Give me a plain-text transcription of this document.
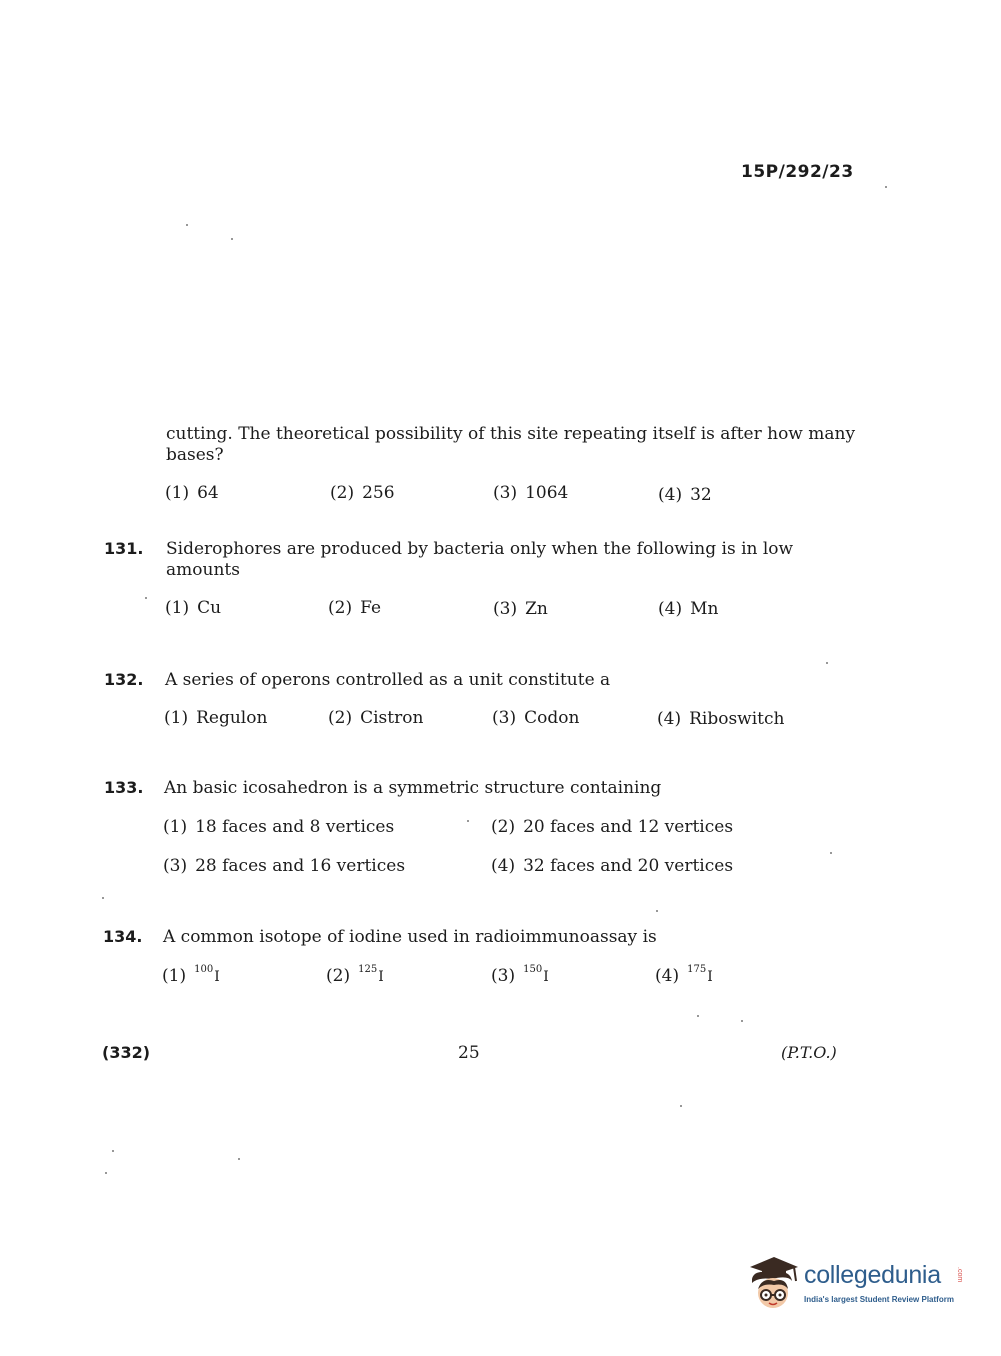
15P/292/23
cutting. The theoretical possibility of this site repeating itself is after how many
bases?
(1) 64	(2) 256	(3) 1064	(4) 32
131. Siderophores are produced by bacteria only when the following is in low
amounts
(1) Cu	(2) Fe	(3) Zn	(4) Mn
132. A series of operons controlled as a unit constitute a
(1) Regulon	(2) Cistron	(3) Codon	(4) Riboswitch
133. An basic icosahedron is a symmetric structure containing
(1) 18 faces and 8 vertices	(2) 20 faces and 12 vertices
(3) 28 faces and 16 vertices	(4) 32 faces and 20 vertices
134. A common isotope of iodine used in radioimmunoassay is
(1) $^{100}$I	(2) $^{125}$I	(3) $^{150}$I	(4) $^{175}$I
(332)	25	(P.T.O.)
collegedunia .com
India's largest Student Review Platform
